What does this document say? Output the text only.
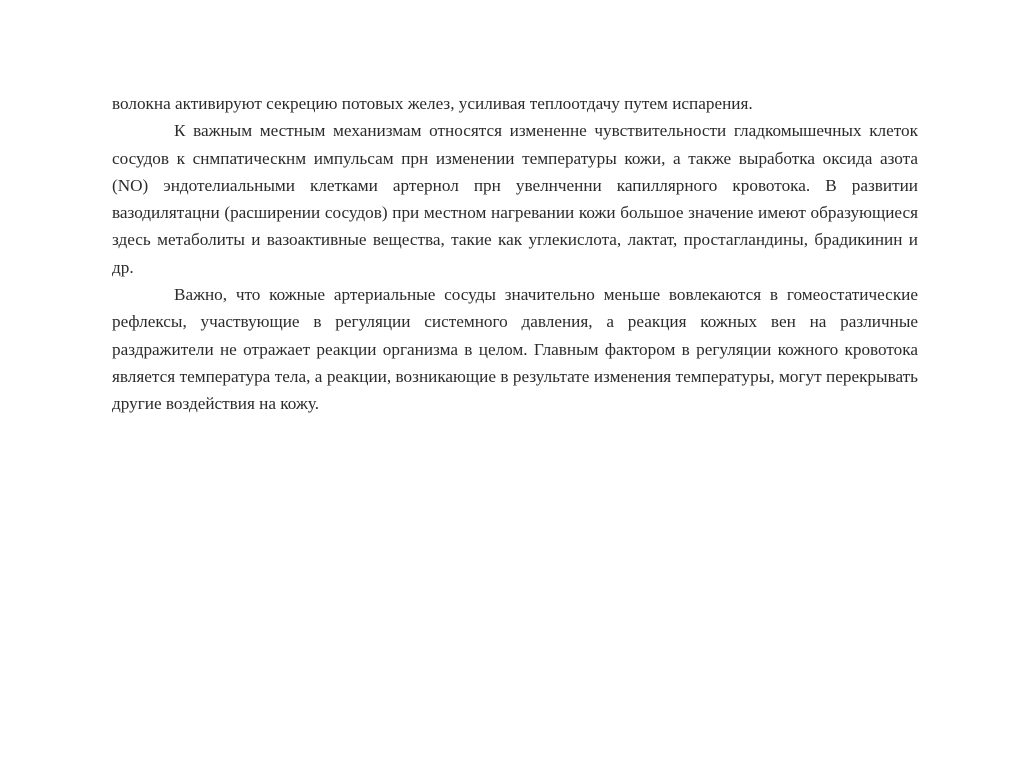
волокна активируют секрецию потовых желез, усиливая теплоотдачу путем испарения.

К важным местным механизмам относятся измененне чувствительности гладкомышечных клеток сосудов к снмпатическнм импульсам прн изменении температуры кожи, а также выработка оксида азота (NO) эндотелиальными клетками артернол прн увелнченни капиллярного кровотока. В развитии вазодилятацни (расширении сосудов) при местном нагревании кожи большое значение имеют образующиеся здесь метаболиты и вазоактивные вещества, такие как углекислота, лактат, простагландины, брадикинин и др.

Важно, что кожные артериальные сосуды значительно меньше вовлекаются в гомеостатические рефлексы, участвующие в регуляции системного давления, а реакция кожных вен на различные раздражители не отражает реакции организма в целом. Главным фактором в регуляции кожного кровотока является температура тела, а реакции, возникающие в результате изменения температуры, могут перекрывать другие воздействия на кожу.
